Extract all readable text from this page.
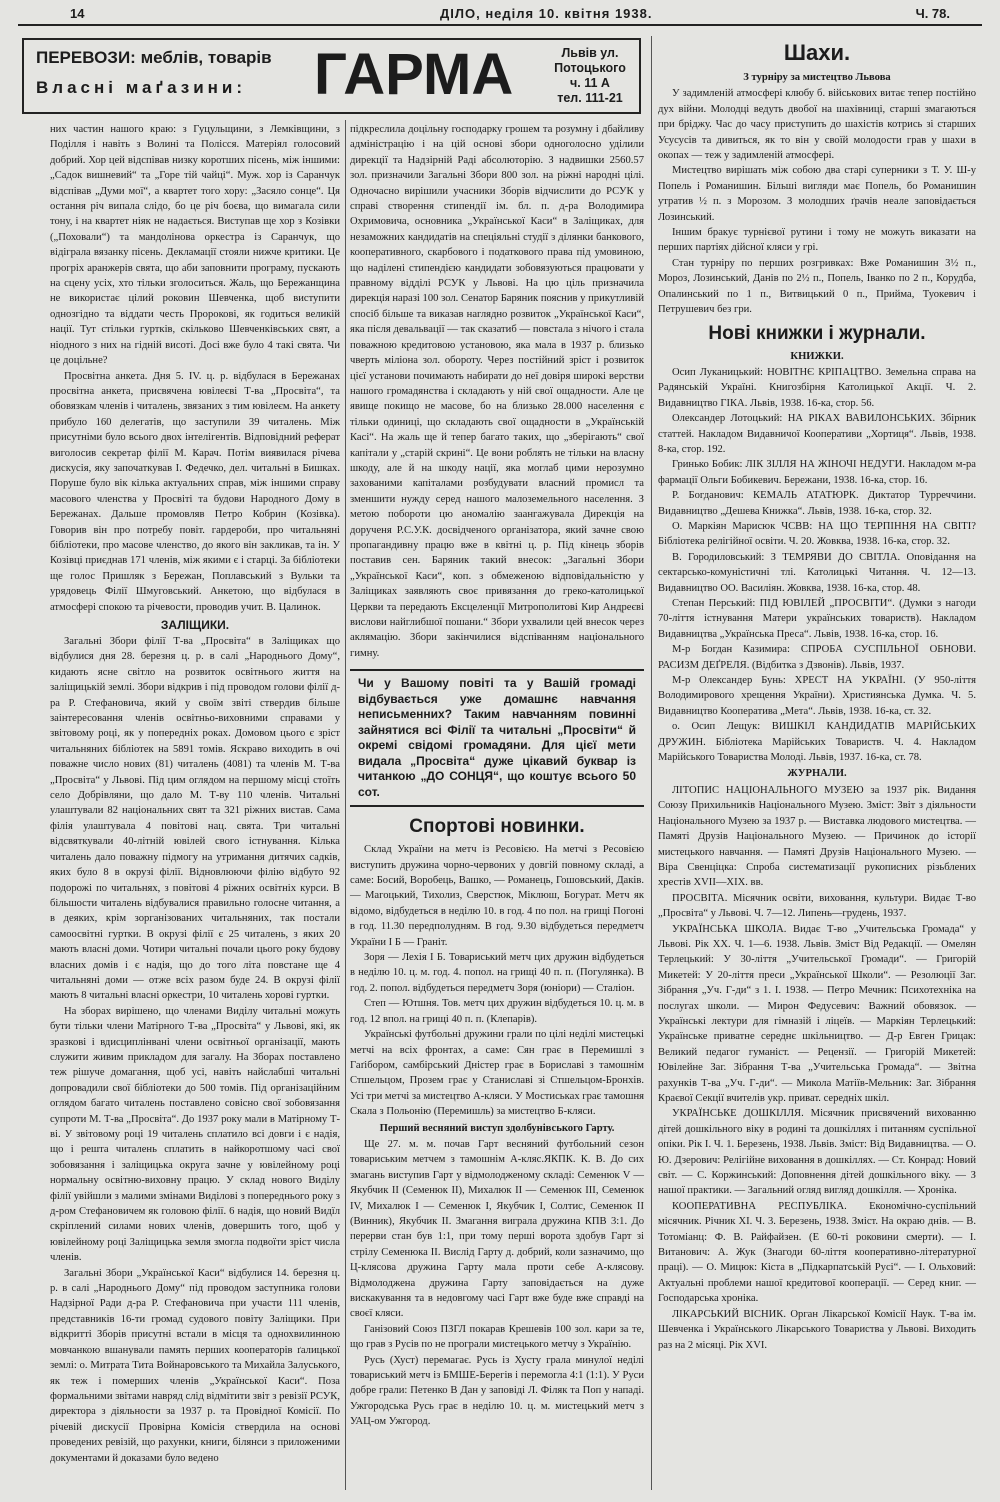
14	ДІЛО, неділя 10. квітня 1938.	Ч. 78.
ПЕРЕВОЗИ: меблів, товарів
Власні маґазини: ГАРМА	Львів ул.
Потоцького
ч. 11 А
тел. 111-21

них частин нашого краю: з Гуцульщини, з Лемківщини, з Поділля і навіть з Волині та Полісся. Матеріял голосовий добрий. Хор цей відспівав низку коротших пісень, між іншими: „Садок вишневий“ та „Горе тій чайці“. Муж. хор із Саранчук відспівав „Думи мої“, а квартет того хору: „Засяло сонце“. Ця остання річ випала слідо, бо це річ боєва, що вимагала сили тону, і на квартет ніяк не надається. Виступав ще хор з Козівки („Поховали“) та мандолінова оркестра із Саранчук, що відіграла вязанку пісень. Декламації стояли нижче критики. Це прогріх аранжерів свята, що аби заповнити програму, пускають на сцену усіх, хто тільки зголоситься. Жаль, що Бережанщина не використає цілий роковин Шевченка, щоб виступити однозгідно та віддати честь Пророкові, як годиться великій нації. Тут стільки гуртків, скільково Шевченківських свят, а ніодного з них на гідній висоті. Досі вже було 4 такі свята. Чи це доцільне?

Просвітна анкета. Дня 5. IV. ц. р. відбулася в Бережанах просвітна анкета, присвячена ювілеєві Т-ва „Просвіта“, та обовязкам членів і читалень, звязаних з тим ювілеєм. На анкету прибуло 160 делегатів, що заступили 39 читалень. Між присутніми було всього двох інтелігентів. Відповідний реферат виголосив секретар філії М. Карач. Потім виявилася річева дискусія, яку започаткував І. Федечко, дел. читальні в Бишках. Поруше було вік кілька актуальних справ, між іншими справу масового членства у Просвіті та будови Народного Дому в Бережанах. Дальше промовляв Петро Кобрин (Козівка). Говорив він про потребу повіт. гардероби, про читальняні бібліотеки, про масове членство, до якого він закликав, та ін. У Козівці приєднав 171 членів, між якими є і старці. За бібліотеки ще голос Пришляк з Бережан, Поплавський з Вульки та урядовець Філії Шмуговський. Анкетою, що відбулася в атмосфері спокою та річевости, проводив учит. В. Цалинок.

ЗАЛІЩИКИ.

Загальні Збори філії Т-ва „Просвіта“ в Заліщиках що відбулися дня 28. березня ц. р. в салі „Народнього Дому“, кидають ясне світло на розвиток освітнього життя на заліщицькій землі. Збори відкрив і під проводом голови філії д-ра Р. Стефановича, який у своїм звіті ствердив більше заінтересовання членів освітньо-виховними справами у звітовому році, як у попередніх роках. Домовом цього є зріст читальняних бібліотек на 5891 томів. Яскраво виходить в очі поважне число нових (81) читалень (4081) та членів М. Т-ва „Просвіта“ у Львові. Під цим оглядом на першому місці стоїть село Добрівляни, що дало М. Т-ву 110 членів. Читальні улаштували 82 національних свят та 321 ріжних вистав. Сама філія улаштувала 4 повітові нац. свята. Три читальні відсвяткували 40-літній ювілей свого істнування. Кілька читалень дало поважну підмогу на утримання дитячих садків, яких було 8 в окрузі філії. Відновлюючи філію відбуто 92 подорожі по читальнях, з повітові 4 ріжних освітніх курси. В більшости читалень відбувалися правильно голосне читання, а в деяких, крім зорганізованих читальняних, так постали самоосвітні гуртки. В окрузі філії є 25 читалень, з яких 20 мають власні доми. Чотири читальні почали цього року будову власних домів і є надія, що до того літа повстане ще 4 читальняні доми — отже всіх разом буде 24. В окрузі філії мають 8 читальні власні оркестри, 10 читалень хорові гуртки.

На зборах вирішено, що членами Виділу читальні можуть бути тільки члени Матірного Т-ва „Просвіта“ у Львові, які, як зразкові і вдисциплінвані члени освітньої організації, мають служити живим прикладом для загалу. На Зборах поставлено теж рішуче домагання, щоб усі, навіть найслабші читальні допровадили свої бібліотеки до 500 томів. Під організаційним оглядом багато читалень поставлено совісно свої зобовязання супроти М. Т-ва „Просвіта“. До 1937 року мали в Матірному Т-ві. У звітовому році 19 читалень сплатило всі довги і є надія, що і решта читалень сплатить в найкоротшому часі свої зобовязання і заліщицька округа зачне у ювілейному році нормальну освітню-виховну працю. У склад нового Виділу філії увійшли з малими змінами Виділові з попереднього року з д-ром Стефановичем як головою філії. 6 надія, що новий Видїл скріплений силами нових членів, довершить того, щоб у ювілейному році Заліщицька земля змогла подвоїти зріст числа членів.

Загальні Збори „Української Каси“ відбулися 14. березня ц. р. в салі „Народнього Дому“ під проводом заступника голови Надзірної Ради д-ра Р. Стефановича при участи 111 членів, представників 16-ти громад судового повіту Заліщики. При відкритті Зборів присутні встали в місця та однохвилинною мовчанкою вшанували память перших кооператорів ґалицької землі: о. Митрата Тита Войнаровського та Михайла Залуського, як теж і померших членів „Української Каси“. Поза формальними звітами навряд слід відмітити звіт з ревізії РСУК, директора з діяльности за 1937 р. та Провідної Комісії. По річевій дискусії Провірна Комісія ствердила на основі проведених ревізій, що рахунки, книги, білянси з приложеними документами й доказами було ведено

підкреслила доцільну господарку грошем та розумну і дбайливу адміністрацію і на цій основі збори одноголосно уділили дирекції та Надзірній Раді абсолюторію. З надвишки 2560.57 зол. призначили Загальні Збори 800 зол. на ріжні народні цілі. Одночасно вирішили учасники Зборів відчислити до РСУК у справі створення стипендії ім. бл. п. д-ра Володимира Охримовича, основника „Української Каси“ в Заліщиках, для незаможних кандидатів на спеціяльні студії з ділянки банкового, кооперативного, скарбового і податкового права під умовиною, що наділені стипендією кандидати зобовязуються працювати у правному відділі РСУК у Львові. На цю ціль призначила дирекція наразі 100 зол. Сенатор Баряник пояснив у прикутливій спосіб більше та виказав наглядно розвиток „Української Каси“, яка після девальвації — так сказатиб — повстала з нічого і стала поважною кредитовою установою, яка мала в 1937 р. близько чверть міліона зол. обороту. Через постійний зріст і розвиток цієї установи почимають набирати до неї довіря широкі верстви нашого громадянства і складають у ній свої ощадности. Але це явище покищо не масове, бо на близько 28.000 населення є тільки одиниці, що складають свої ощадности в „Українській Касі“. На жаль ще й тепер багато таких, що „зберігають“ свої капітали у „старій скрині“. Це вони роблять не тільки на власну шкоду, але й на шкоду нації, яка моглаб цими нерозумно захованими капіталами розбудувати власний промисл та зменшити нужду серед нашого малоземельного населення. З метою побороти цю аномалію заангажувала Дирекція на дорученя Р.С.У.К. досвідченого організатора, який зачне свою пропагандивну працю вже в квітні ц. р. Під кінець зборів поставив сен. Баряник такий внесок: „Загальні Збори „Української Каси“, коп. з обмеженою відповідальністю у Заліщиках заявляють своє привязання до греко-католицької Церкви та передають Ексцеленції Митрополитові Кир Андреєві вислови найглибшої пошани.“ Збори ухвалили цей внесок через аклямацію. Збори закінчилися відспіванням національного гимну.

Чи у Вашому повіті та у Вашій громаді відбувається уже домашнє навчання неписьменних? Таким навчанням повинні зайнятися всі Філії та читальні „Просвіти“ й окремі свідомі громадяни. Для цієї мети видала „Просвіта“ дуже цікавий буквар із читанкою „ДО СОНЦЯ“, що коштує всього 50 сот.
Спортові новинки.

Склад України на метч із Ресовією. На метчі з Ресовією виступить дружина чорно-червоних у довгій повному складі, а саме: Босий, Воробець, Вашко, — Романець, Гошовський, Даків. — Магоцький, Тихолиз, Сверстюк, Міклюш, Богурат. Метч як відомо, відбудеться в неділю 10. в год. 4 по пол. на грищі Погоні в год. 11.30 передполудням. В год. 9.30 відбудеться передметч України І Б — Граніт.

Зоря — Лехія І Б. Товариський метч цих дружин відбудеться в неділю 10. ц. м. год. 4. попол. на грищі 40 п. п. (Погулянка). В год. 2. попол. відбудеться передметч Зоря (юніори) — Сталіон.

Степ — Ютшня. Тов. метч цих дружин відбудеться 10. ц. м. в год. 12 впол. на грищі 40 п. п. (Клепарів).

Українські футбольні дружини грали по цілі неділі мистецькі метчі на всіх фронтах, а саме: Сян грає в Перемишлі з Гаґібором, самбірський Дністер грає в Бориславі з тамошнім Стшельцом, Прозем грає у Станиславі зі Стшельцом-Бронхів. Усі три метчі за мистецтво А-кляси. У Мостиськах грає тамошня Скала з Польонію (Перемишль) за мистецтво Б-кляси.

Перший весняний виступ здолбунівського Гарту.

Ще 27. м. м. почав Гарт весняний футбольний сезон товариським метчем з тамошнім А-кляс.ЯКПК. К. В. До сих змагань виступив Гарт у відмолодженому складі: Семенюк V — Якубчик II (Семенюк II), Михалюк II — Семенюк III, Семенюк IV, Михалюк I — Семенюк I, Якубчик I, Солтис, Семенюк II (Винник), Якубчик II. Змагання виграла дружина КПВ 3:1. До перерви стан був 1:1, при тому перші ворота здобув Гарт зі стрілу Семенюка II. Вислід Гарту д. добрий, коли зазначимо, що Ц-клясова дружина Гарту мала проти себе А-клясову. Відмолоджена дружина Гарту заповідається на дуже вискакування та в недовгому часі Гарт вже буде вже справді на своєї кляси.

Ганізовий Союз ПЗГЛ покарав Крешевів 100 зол. кари за те, що грав з Русів по не програли мистецького метчу з Українію.

Русь (Хуст) перемагає. Русь із Хусту грала минулої неділі товариський метч із БМШЕ-Берегів і перемогла 4:1 (1:1). У Руси добре грали: Петенко В Дан у заповіді Л. Філяк та Поп у нападі. Ужгородська Русь грає в неділю 10. ц. м. мистецький метч з УАЦ-ом Ужгород.

Шахи.
З турніру за мистецтво Львова

У задимленій атмосфері клюбу б. військових витає тепер постійно дух війни. Молодці ведуть двобої на шахівниці, старші змагаються при бріджу. Час до часу приступить до шахістів котрись зі старших Усусусів та дивиться, як то він у своїй молодости грав у шахи в окопах — теж у задимленій атмосфері.

Мистецтво вирішать між собою два старі суперники з Т. У. Ш-у Попель і Романишин. Більші вигляди має Попель, бо Романишин утратив ½ п. з Морозом. З молодших ґрачів неале заповідається Лозинський.

Іншим бракує турнієвої рутини і тому не можуть виказати на перших партіях дійсної кляси у грі.

Стан турніру по перших розгривках: Вже Романишин 3½ п., Мороз, Лозинський, Данів по 2½ п., Попель, Іванко по 2 п., Корудба, Опалинський по 1 п., Витвицький 0 п., Прийма, Туокевич і Петрушевич без гри.

Нові книжки і журнали.
КНИЖКИ.

Осип Луканицький: НОВІТНЄ КРІПАЦТВО. Земельна справа на Радянській Україні. Книгозбірня Католицької Акції. Ч. 2. Видавництво ГІКА. Львів, 1938. 16-ка, стор. 56.

Олександер Лотоцький: НА РІКАХ ВАВИЛОНСЬКИХ. Збірник статтей. Накладом Видавничої Кооперативи „Хортиця“. Львів, 1938. 8-ка, стор. 192.

Гринько Бобик: ЛІК ЗІЛЛЯ НА ЖІНОЧІ НЕДУГИ. Накладом м-ра фармації Ольги Бобикевич. Бережани, 1938. 16-ка, стор. 16.

Р. Богданович: КЕМАЛЬ АТАТЮРК. Диктатор Турреччини. Видавництво „Дешева Книжка“. Львів, 1938. 16-ка, стор. 32.

О. Маркіян Марисюк ЧСВВ: НА ЩО ТЕРПІННЯ НА СВІТІ? Бібліотека релігійної освіти. Ч. 20. Жовква, 1938. 16-ка, стор. 32.

В. Городиловський: З ТЕМРЯВИ ДО СВІТЛА. Оповідання на сектарсько-комуністичні тлі. Католицькі Читання. Ч. 12—13. Видавництво ОО. Василіян. Жовква, 1938. 16-ка, стор. 48.

Степан Перський: ПІД ЮВІЛЕЙ „ПРОСВІТИ“. (Думки з нагоди 70-ліття істнування Матери українських товариств). Накладом Видавництва „Українська Преса“. Львів, 1938. 16-ка, стор. 16.

М-р Богдан Казимира: СПРОБА СУСПІЛЬНОЇ ОБНОВИ. РАСИЗМ ДЕҐРЕЛЯ. (Відбитка з Дзвонів). Львів, 1937.

М-р Олександер Бунь: ХРЕСТ НА УКРАЇНІ. (У 950-ліття Володимирового хрещення України). Християнська Думка. Ч. 5. Видавництво Кооператива „Мета“. Львів, 1938. 16-ка, ст. 32.

о. Осип Лещук: ВИШКІЛ КАНДИДАТІВ МАРІЙСЬКИХ ДРУЖИН. Бібліотека Марійських Товариств. Ч. 4. Накладом Марійського Товариства Молоді. Львів, 1937. 16-ка, ст. 78.

ЖУРНАЛИ.

ЛІТОПИС НАЦІОНАЛЬНОГО МУЗЕЮ за 1937 рік. Видання Союзу Прихильників Національного Музею. Зміст: Звіт з діяльности Національного Музею за 1937 р. — Виставка людового мистецтва. — Памяті Друзів Національного Музею. — Причинок до історії мистецького навчання. — Памяті Друзів Національного Музею. — Віра Свенціцка: Спроба систематизації рукописних різьблених хрестів XVII—XIX. вв.

ПРОСВІТА. Місячник освіти, виховання, культури. Видає Т-во „Просвіта“ у Львові. Ч. 7—12. Липень—грудень, 1937.

УКРАЇНСЬКА ШКОЛА. Видає Т-во „Учительська Громада“ у Львові. Рік XX. Ч. 1—6. 1938. Львів. Зміст Від Редакції. — Омелян Терлецький: У 30-ліття „Учительської Громади“. — Григорій Микетей: У 20-ліття преси „Української Школи“. — Резолюції Заг. Зібрання „Уч. Г-ди“ з 1. І. 1938. — Петро Мечник: Психотехніка на послугах школи. — Мирон Федусевич: Важний обовязок. — Українські лектури для гімназій і ліцеїв. — Маркіян Терлецький: Українське приватне середнє шкільництво. — Д-р Евген Грицак: Великий педагог гуманіст. — Рецензії. — Григорій Микетей: Ювілейне Заг. Зібрання Т-ва „Учительська Громада“. — Звітна рахунків Т-ва „Уч. Г-ди“. — Микола Матіїв-Мельник: Заг. Зібрання Краєвої Секції вчителів укр. приват. середніх шкіл.

УКРАЇНСЬКЕ ДОШКІЛЛЯ. Місячник присвячений вихованню дітей дошкільного віку в родині та дошкіллях і питанням суспільної опіки. Рік І. Ч. 1. Березень, 1938. Львів. Зміст: Від Видавництва. — О. Ю. Дзерович: Релігійне виховання в дошкіллях. — Ст. Конрад: Новий світ. — С. Коржинський: Доповнення дітей дошкільного віку. — З нашої практики. — Загальний огляд вигляд дошкілля. — Хроніка.

КООПЕРАТИВНА РЕСПУБЛІКА. Економічно-суспільний місячник. Річник XI. Ч. 3. Березень, 1938. Зміст. На окраю днів. — В. Тотоміанц: Ф. В. Райфайзен. (Е 60-ті роковини смерти). — І. Витанович: А. Жук (Знагоди 60-ліття кооперативно-літературної праці). — О. Мицюк: Кіста в „Підкарпатській Русі“. — І. Ольховий: Актуальні проблеми нашої кредитової кооперації. — Серед книг. — Господарська хроніка.

ЛІКАРСЬКИЙ ВІСНИК. Орган Лікарської Комісії Наук. Т-ва ім. Шевченка і Українського Лікарського Товариства у Львові. Виходить раз на 2 місяці. Рік XVI.
